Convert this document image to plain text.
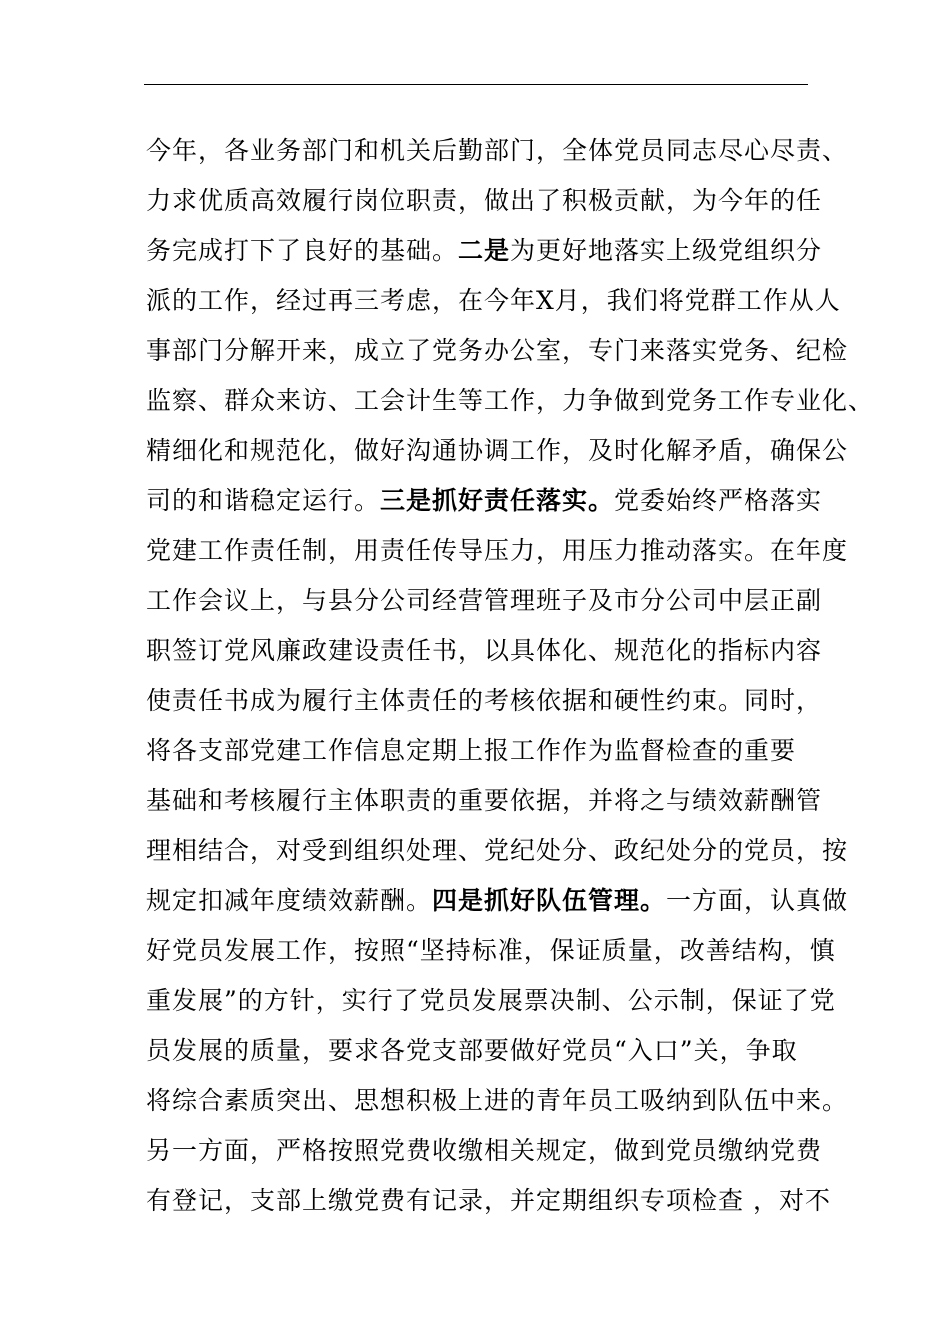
今年，各业务部门和机关后勤部门，全体党员同志尽心尽责、
力求优质高效履行岗位职责，做出了积极贡献，为今年的任
务完成打下了良好的基础。 二是 为更好地落实上级党组织分
派的工作，经过再三考虑，在今年X月，我们将党群工作从人
事部门分解开来，成立了党务办公室，专门来落实党务、纪检
监察、群众来访、工会计生等工作，力争做到党务工作专业化、
精细化和规范化，做好沟通协调工作，及时化解矛盾，确保公
司的和谐稳定运行。 三是抓好责任落实。 党委始终严格落实
党建工作责任制，用责任传导压力，用压力推动落实。在年度
工作会议上，与县分公司经营管理班子及市分公司中层正副
职签订党风廉政建设责任书，以具体化、规范化的指标内容
使责任书成为履行主体责任的考核依据和硬性约束。同时，
将各支部党建工作信息定期上报工作作为监督检查的重要
基础和考核履行主体职责的重要依据，并将之与绩效薪酬管
理相结合，对受到组织处理、党纪处分、政纪处分的党员，按
规定扣减年度绩效薪酬。 四是抓好队伍管理。 一方面，认真做
好党员发展工作，按照“坚持标准，保证质量，改善结构，慎
重发展”的方针，实行了党员发展票决制、公示制，保证了党
员发展的质量，要求各党支部要做好党员“入口”关，争取
将综合素质突出、思想积极上进的青年员工吸纳到队伍中来。
另一方面，严格按照党费收缴相关规定，做到党员缴纳党费
有登记，支部上缴党费有记录，并定期组织专项检查 ，对不
